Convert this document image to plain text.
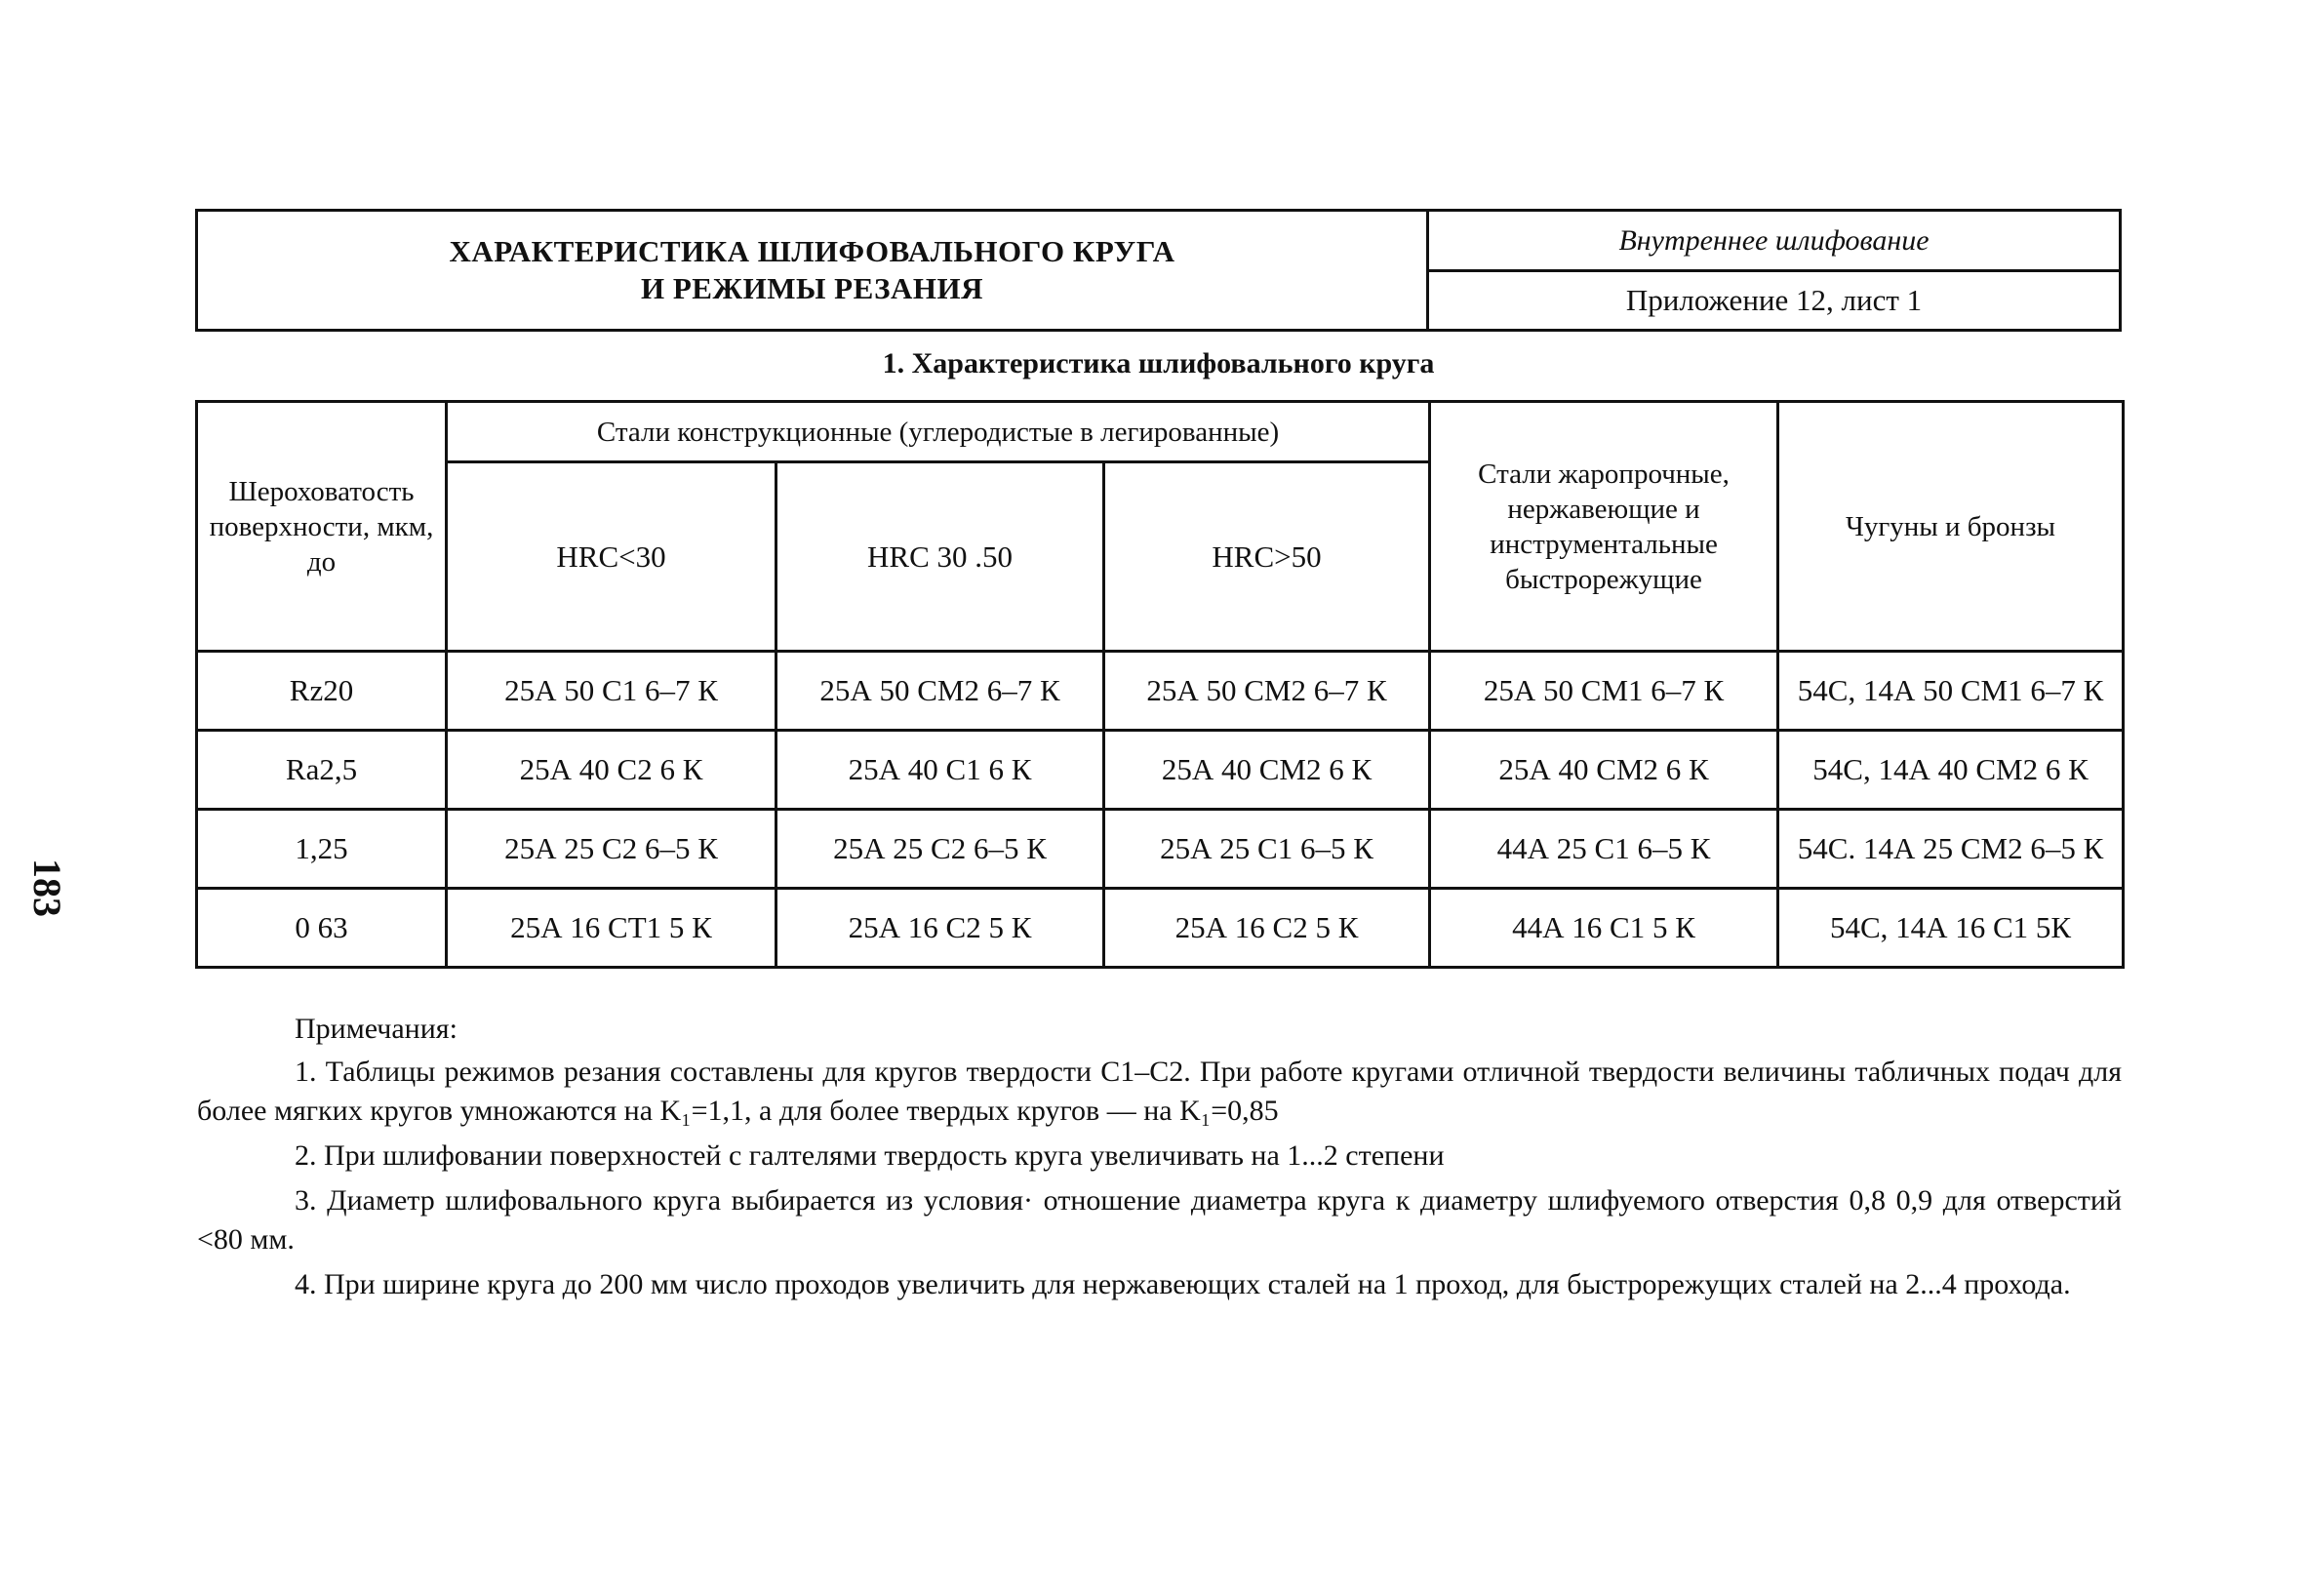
ХАРАКТЕРИСТИКА ШЛИФОВАЛЬНОГО КРУГА
И РЕЖИМЫ РЕЗАНИЯ
Внутреннее шлифование
Приложение 12, лист 1
1. Характеристика шлифовального круга
Шероховатость поверхности, мкм, до	Стали конструкционные (углеродистые в легированные)			Стали жаропрочные, нержавеющие и инструментальные быстрорежущие	Чугуны и бронзы
	HRC<30	HRC 30 .50	HRC>50		
Rz20	25А 50 С1 6–7 К	25А 50 СМ2 6–7 К	25А 50 СМ2 6–7 К	25А 50 СМ1 6–7 К	54С, 14А 50 СМ1 6–7 К
Ra2,5	25А 40 С2 6 К	25А 40 С1 6 К	25А 40 СМ2 6 К	25А 40 СМ2 6 К	54С, 14А 40 СМ2 6 К
1,25	25А 25 С2 6–5 К	25А 25 С2 6–5 К	25А 25 С1 6–5 К	44А 25 С1 6–5 К	54С. 14А 25 СМ2 6–5 К
0 63	25А 16 СТ1 5 К	25А 16 С2 5 К	25А 16 С2 5 К	44А 16 С1 5 К	54С, 14А 16 С1 5К
183
Примечания:

1. Таблицы режимов резания составлены для кругов твердости С1–С2. При работе кругами отличной твердости величины табличных подач для более мягких кругов умножаются на K₁=1,1, а для более твердых кругов — на K₁=0,85

2. При шлифовании поверхностей с галтелями твердость круга увеличивать на 1...2 степени

3. Диаметр шлифовального круга выбирается из условия· отношение диаметра круга к диаметру шлифуемого отверстия 0,8 0,9 для отверстий <80 мм.

4. При ширине круга до 200 мм число проходов увеличить для нержавеющих сталей на 1 проход, для быстрорежущих сталей на 2...4 прохода.
